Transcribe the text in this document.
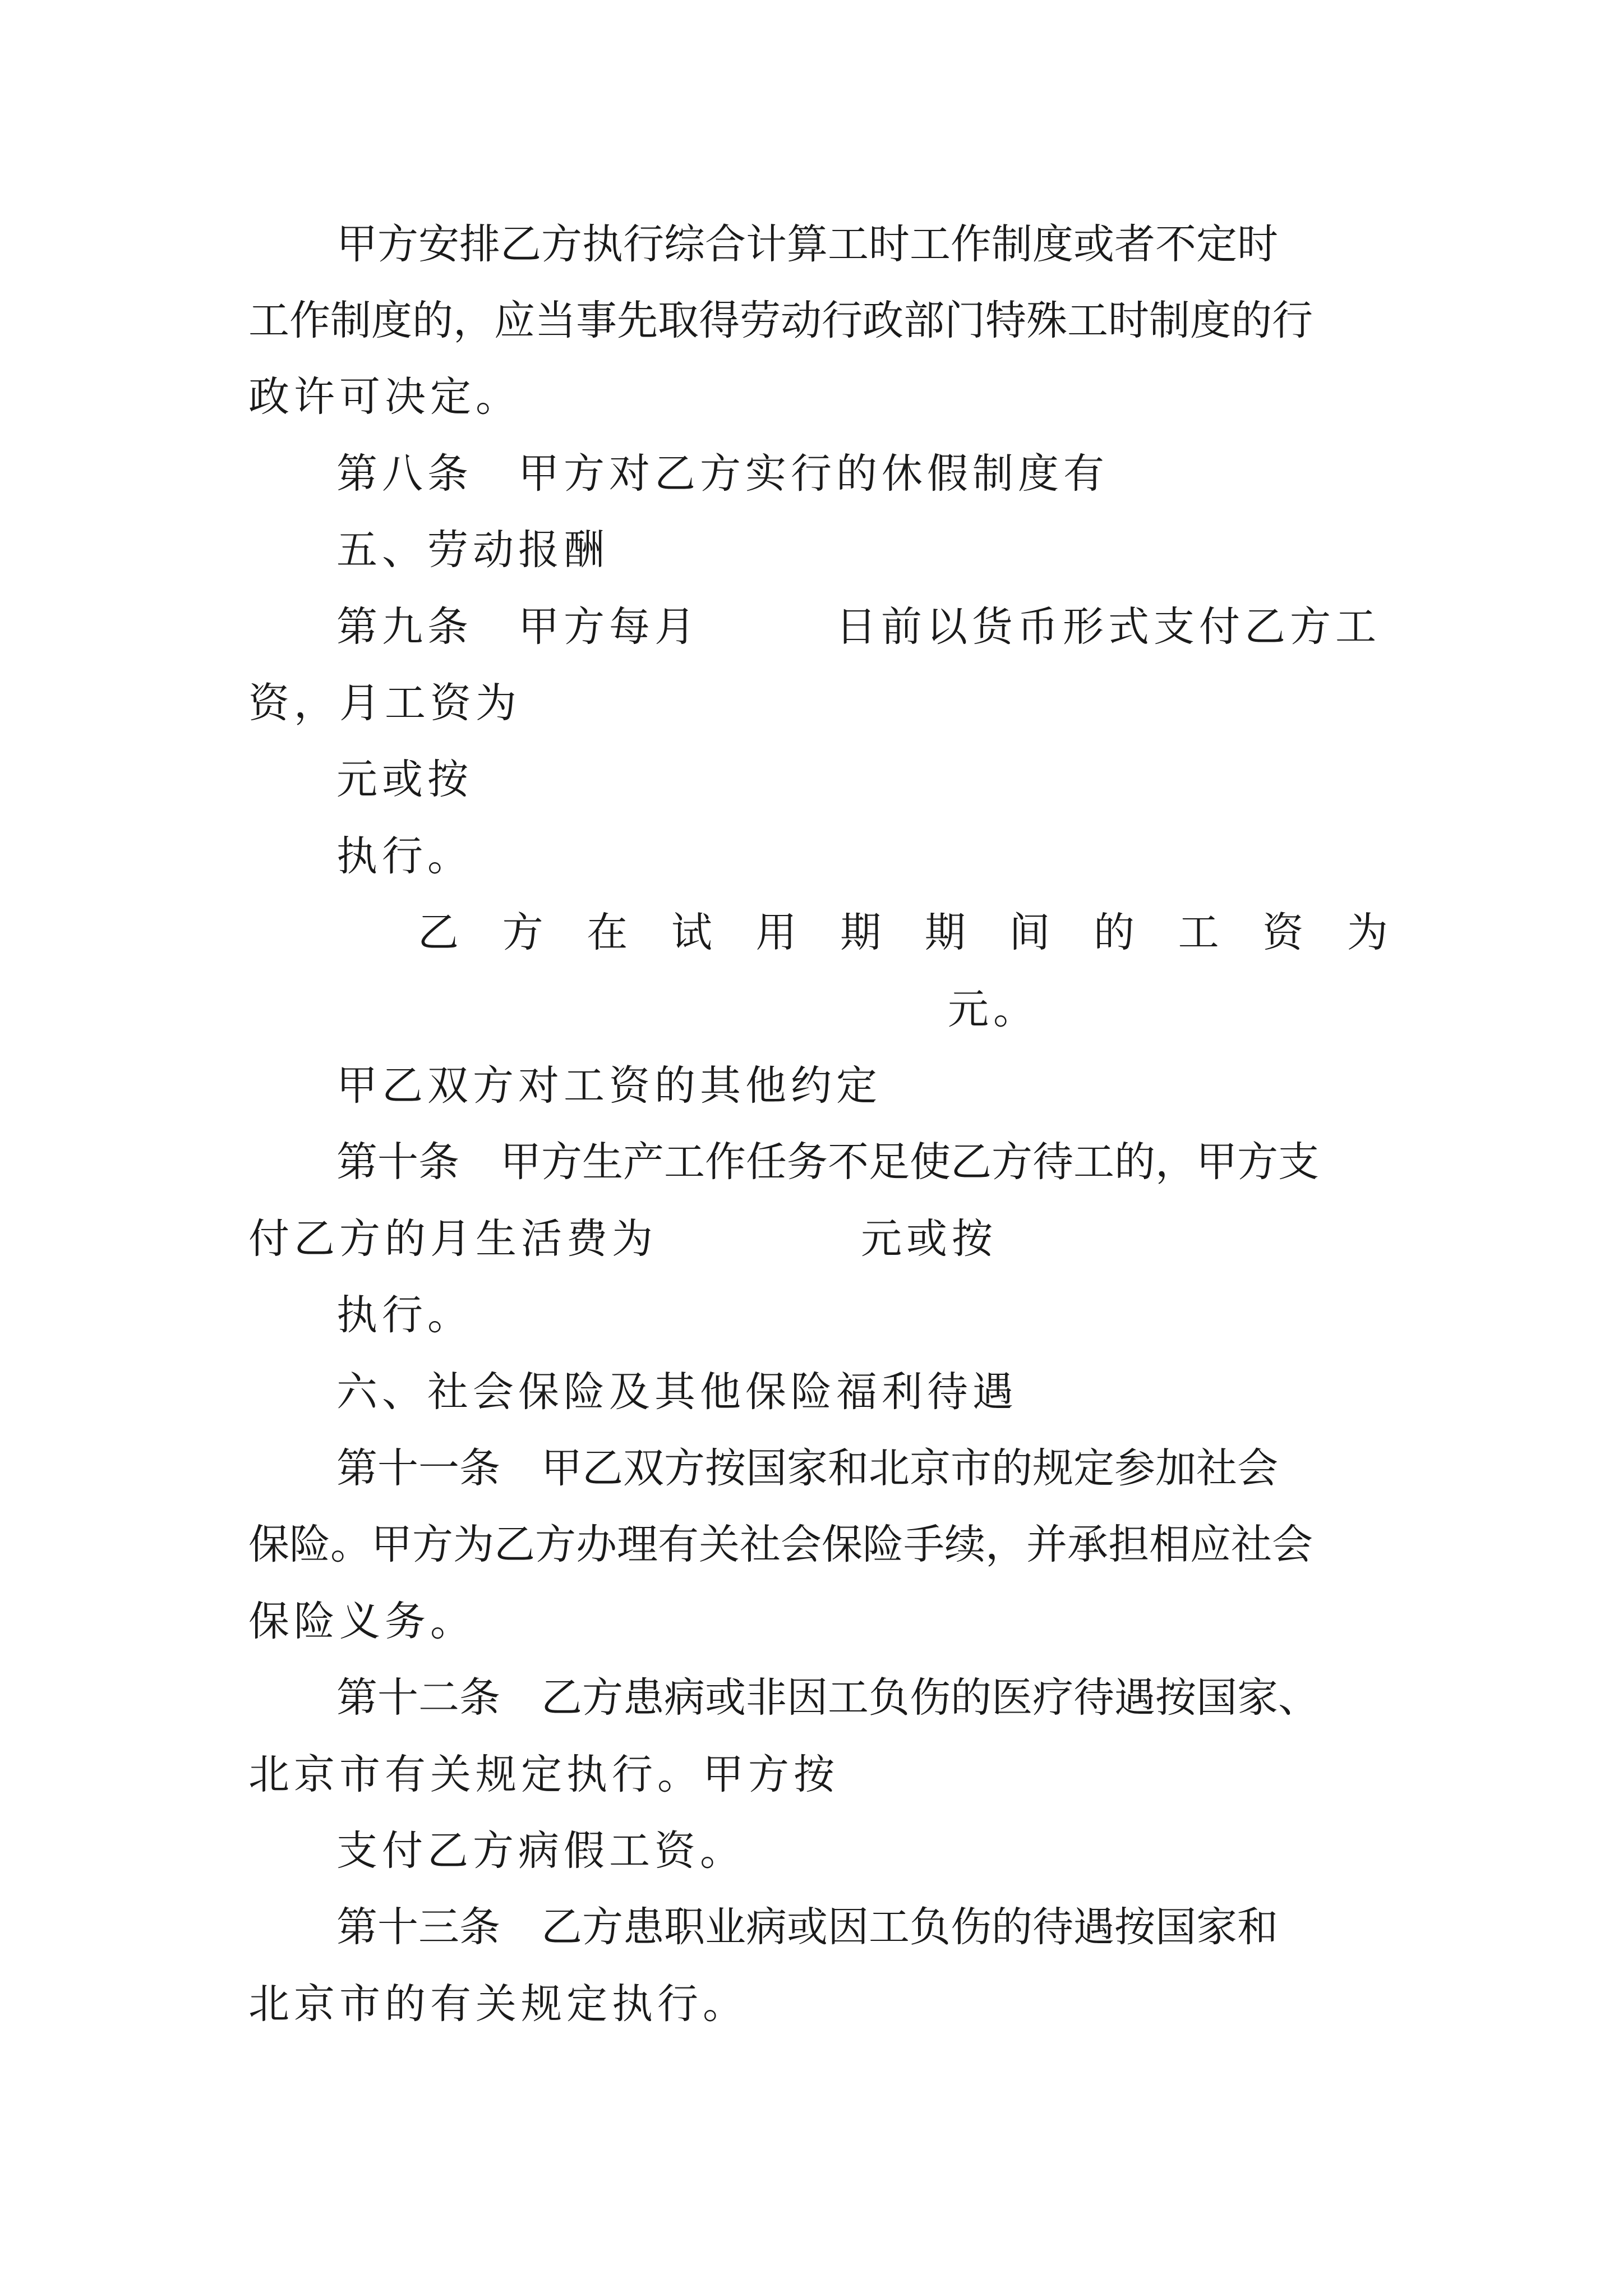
甲方安排乙方执行综合计算工时工作制度或者不定时
工作制度的，应当事先取得劳动行政部门特殊工时制度的行
政许可决定。
第八条　甲方对乙方实行的休假制度有
五、劳动报酬
第九条　甲方每月	日前以货币形式支付乙方工
资，月工资为
元或按
执行。
乙 方 在 试 用 期 期 间 的 工 资 为
元。
甲乙双方对工资的其他约定
第十条　甲方生产工作任务不足使乙方待工的，甲方支
付乙方的月生活费为	元或按
执行。
六、社会保险及其他保险福利待遇
第十一条　甲乙双方按国家和北京市的规定参加社会
保险。甲方为乙方办理有关社会保险手续，并承担相应社会
保险义务。
第十二条　乙方患病或非因工负伤的医疗待遇按国家、
北京市有关规定执行。甲方按
支付乙方病假工资。
第十三条　乙方患职业病或因工负伤的待遇按国家和
北京市的有关规定执行。
